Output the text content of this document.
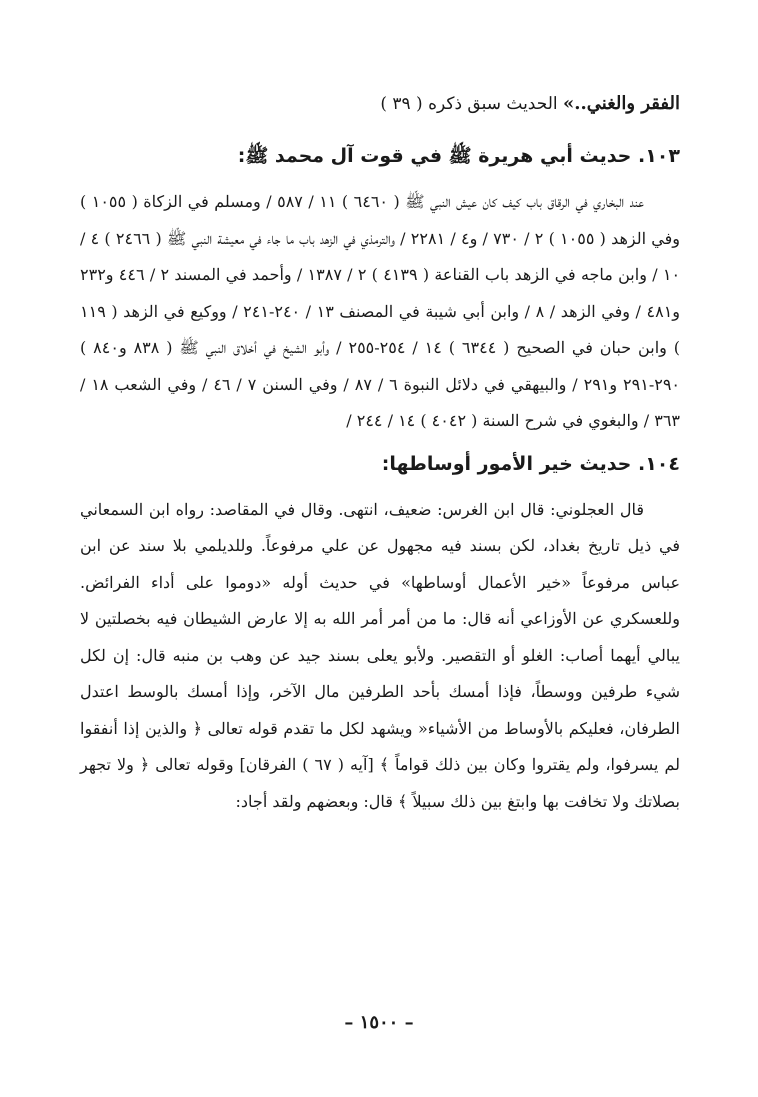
الفقر والغني..» الحديث سبق ذكره ( ٣٩ )

١٠٣. حديث أبي هريرة ﷺ في قوت آل محمد ﷺ:

عند البخاري في الرقاق باب كيف كان عيش النبي ﷺ ( ٦٤٦٠ ) ١١ / ٥٨٧ / ومسلم في الزكاة ( ١٠٥٥ ) وفي الزهد ( ١٠٥٥ ) ٢ / ٧٣٠ / و٤ / ٢٢٨١ / والترمذي في الزهد باب ما جاء في معيشة النبي ﷺ ( ٢٤٦٦ ) ٤ / ١٠ / وابن ماجه في الزهد باب القناعة ( ٤١٣٩ ) ٢ / ١٣٨٧ / وأحمد في المسند ٢ / ٤٤٦ و٢٣٢ و٤٨١ / وفي الزهد / ٨ / وابن أبي شيبة في المصنف ١٣ / ٢٤٠-٢٤١ / ووكيع في الزهد ( ١١٩ ) وابن حبان في الصحيح ( ٦٣٤٤ ) ١٤ / ٢٥٤-٢٥٥ / وأبو الشيخ في أخلاق النبي ﷺ ( ٨٣٨ و٨٤٠ ) ٢٩٠-٢٩١ و٢٩١ / والبيهقي في دلائل النبوة ٦ / ٨٧ / وفي السنن ٧ / ٤٦ / وفي الشعب ١٨ / ٣٦٣ / والبغوي في شرح السنة ( ٤٠٤٢ ) ١٤ / ٢٤٤ /

١٠٤. حديث خير الأمور أوساطها:

قال العجلوني: قال ابن الغرس: ضعيف، انتهى. وقال في المقاصد: رواه ابن السمعاني في ذيل تاريخ بغداد، لكن بسند فيه مجهول عن علي مرفوعاً. وللديلمي بلا سند عن ابن عباس مرفوعاً «خير الأعمال أوساطها» في حديث أوله «دوموا على أداء الفرائض. وللعسكري عن الأوزاعي أنه قال: ما من أمر أمر الله به إلا عارض الشيطان فيه بخصلتين لا يبالي أيهما أصاب: الغلو أو التقصير. ولأبو يعلى بسند جيد عن وهب بن منبه قال: إن لكل شيء طرفين ووسطاً، فإذا أمسك بأحد الطرفين مال الآخر، وإذا أمسك بالوسط اعتدل الطرفان، فعليكم بالأوساط من الأشياء« ويشهد لكل ما تقدم قوله تعالى ﴿ والذين إذا أنفقوا لم يسرفوا، ولم يقتروا وكان بين ذلك قواماً ﴾ [آيه ( ٦٧ ) الفرقان] وقوله تعالى ﴿ ولا تجهر بصلاتك ولا تخافت بها وابتغ بين ذلك سبيلاً ﴾ قال: وبعضهم ولقد أجاد:

– ١٥٠٠ –
